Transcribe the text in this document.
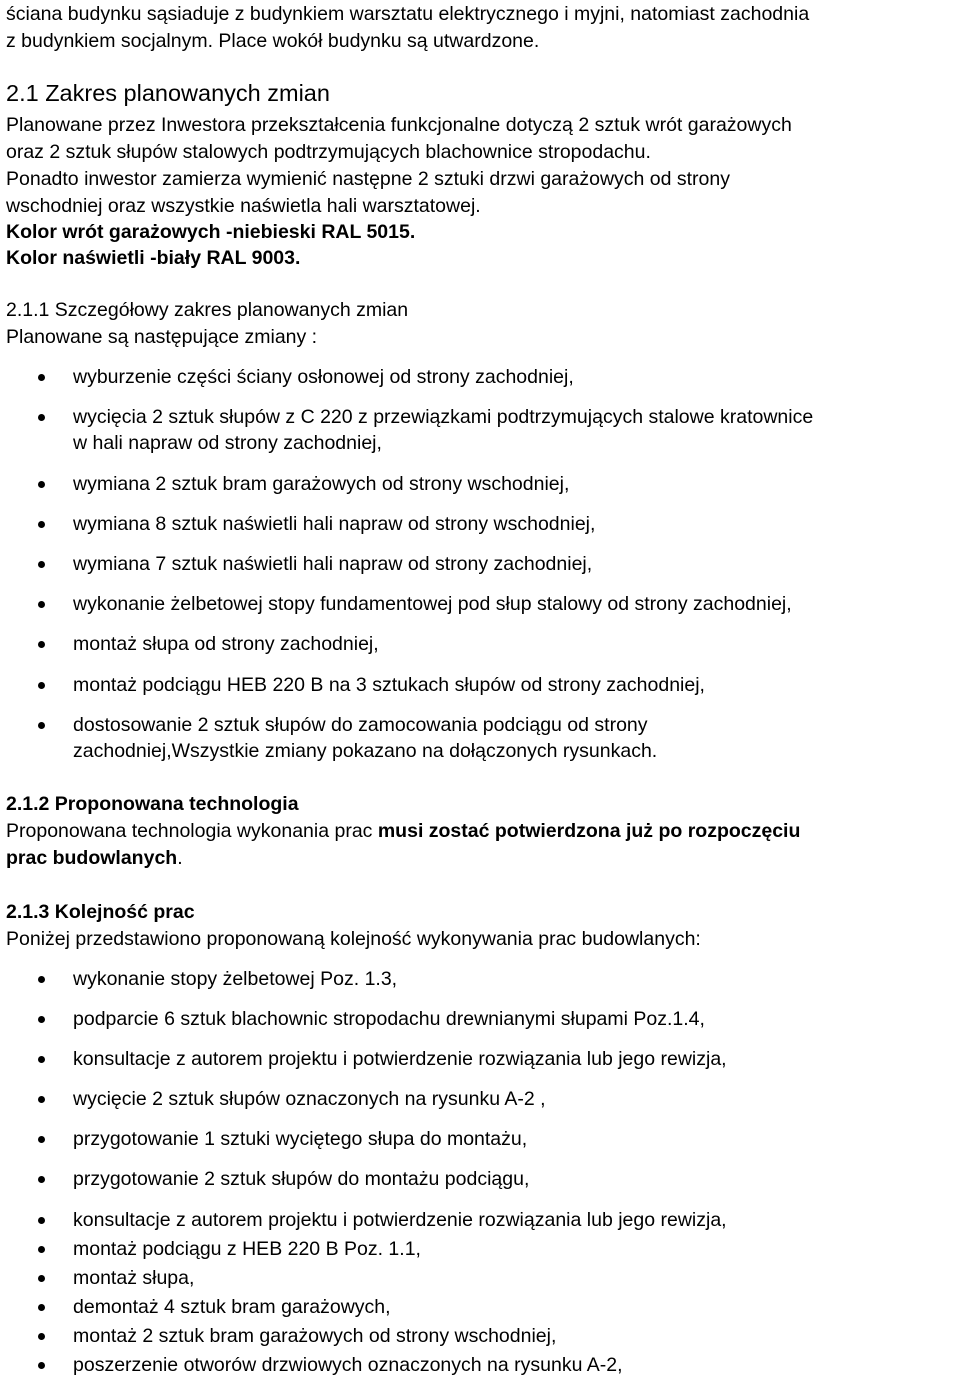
ściana budynku sąsiaduje z budynkiem warsztatu elektrycznego i myjni, natomiast zachodnia
z budynkiem socjalnym. Place wokół budynku są utwardzone.
2.1 Zakres planowanych zmian
Planowane przez Inwestora przekształcenia funkcjonalne dotyczą 2 sztuk wrót garażowych
oraz 2 sztuk słupów stalowych podtrzymujących blachownice stropodachu.
Ponadto inwestor zamierza wymienić następne 2 sztuki drzwi garażowych od strony
wschodniej oraz wszystkie naświetla hali warsztatowej.
Kolor wrót garażowych -niebieski RAL 5015.
Kolor naświetli -biały RAL 9003.
2.1.1 Szczegółowy zakres planowanych zmian
Planowane są następujące zmiany :
wyburzenie części ściany osłonowej od strony zachodniej,
wycięcia 2 sztuk słupów z C 220 z przewiązkami podtrzymujących stalowe kratownice
w hali napraw od strony zachodniej,
wymiana 2 sztuk bram garażowych od strony wschodniej,
wymiana 8 sztuk naświetli hali napraw od strony wschodniej,
wymiana 7 sztuk naświetli hali napraw od strony zachodniej,
wykonanie żelbetowej stopy fundamentowej pod słup stalowy od strony zachodniej,
montaż słupa od strony zachodniej,
montaż podciągu HEB 220 B na 3 sztukach słupów od strony zachodniej,
dostosowanie 2 sztuk słupów do zamocowania podciągu od strony
zachodniej,Wszystkie zmiany pokazano na dołączonych rysunkach.
2.1.2 Proponowana technologia
Proponowana technologia wykonania prac musi zostać potwierdzona już po rozpoczęciu
prac budowlanych.
2.1.3 Kolejność prac
Poniżej przedstawiono proponowaną kolejność wykonywania prac budowlanych:
wykonanie stopy żelbetowej Poz. 1.3,
podparcie 6 sztuk blachownic stropodachu drewnianymi słupami Poz.1.4,
konsultacje z autorem projektu i potwierdzenie rozwiązania lub jego rewizja,
wycięcie 2 sztuk słupów oznaczonych na rysunku A-2 ,
przygotowanie 1 sztuki wyciętego słupa do montażu,
przygotowanie 2 sztuk słupów do montażu podciągu,
konsultacje z autorem projektu i potwierdzenie rozwiązania lub jego rewizja,
montaż podciągu z HEB 220 B Poz. 1.1,
montaż słupa,
demontaż 4 sztuk bram garażowych,
montaż 2 sztuk bram garażowych od strony wschodniej,
poszerzenie otworów drzwiowych oznaczonych na rysunku A-2,
